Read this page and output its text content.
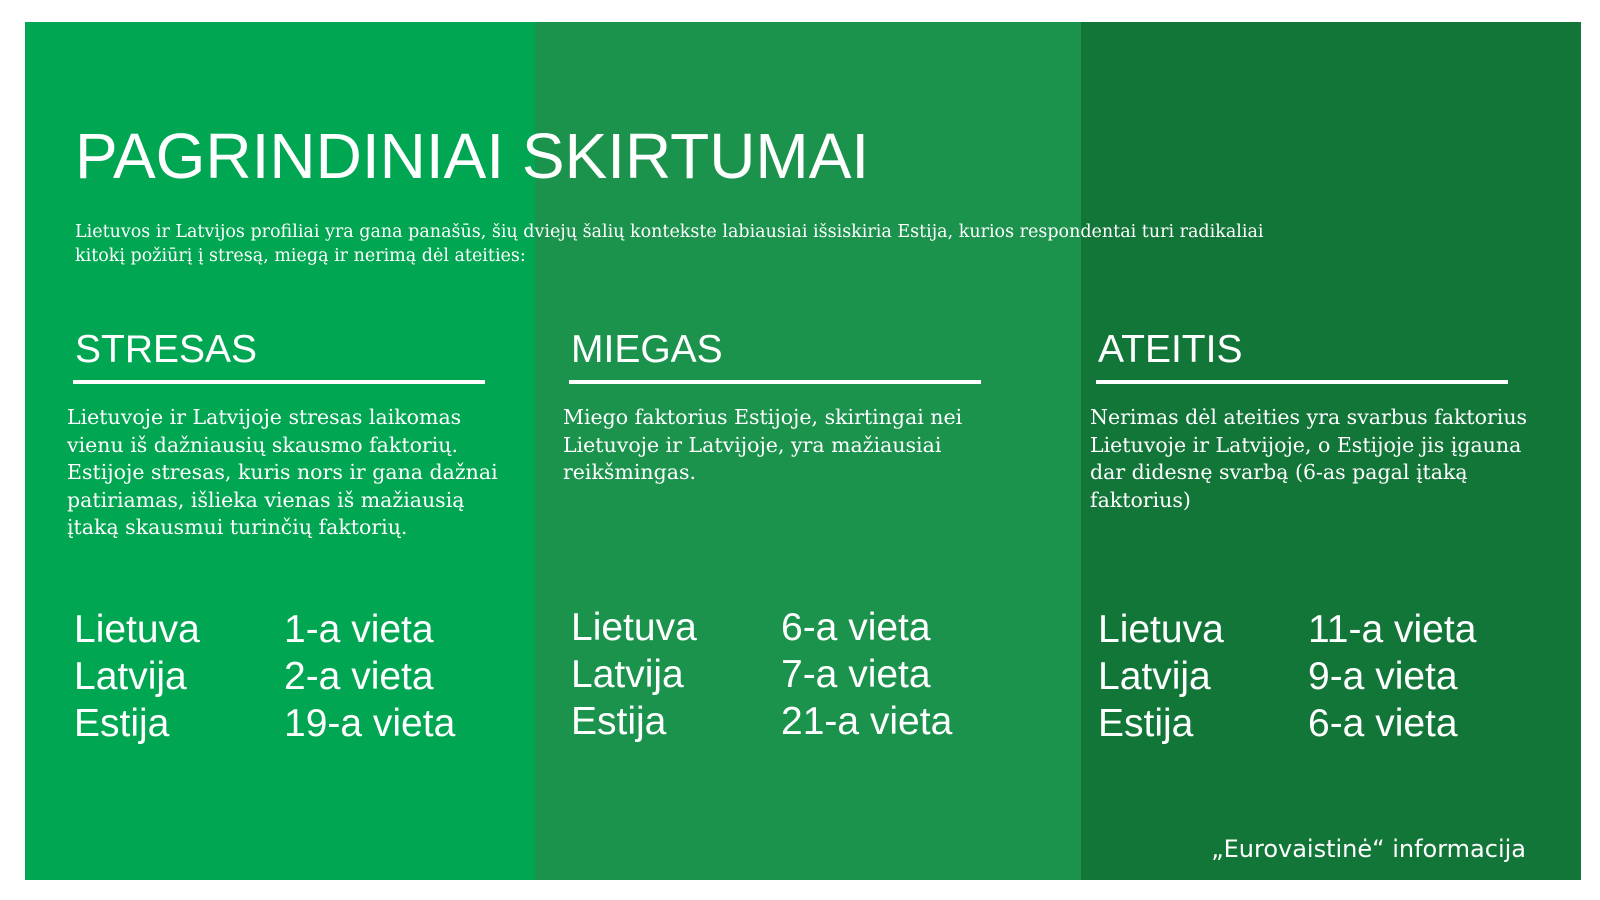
PAGRINDINIAI SKIRTUMAI

Lietuvos ir Latvijos profiliai yra gana panašūs, šių dviejų šalių kontekste labiausiai išsiskiria Estija, kurios respondentai turi radikaliai kitokį požiūrį į stresą, miegą ir nerimą dėl ateities:

STRESAS

Lietuvoje ir Latvijoje stresas laikomas vienu iš dažniausių skausmo faktorių. Estijoje stresas, kuris nors ir gana dažnai patiriamas, išlieka vienas iš mažiausią įtaką skausmui turinčių faktorių.

Lietuva	1-a vieta
Latvija	2-a vieta
Estija	19-a vieta
MIEGAS

Miego faktorius Estijoje, skirtingai nei Lietuvoje ir Latvijoje, yra mažiausiai reikšmingas.

Lietuva	6-a vieta
Latvija	7-a vieta
Estija	21-a vieta
ATEITIS

Nerimas dėl ateities yra svarbus faktorius Lietuvoje ir Latvijoje, o Estijoje jis įgauna dar didesnę svarbą (6-as pagal įtaką faktorius)

Lietuva	11-a vieta
Latvija	9-a vieta
Estija	6-a vieta

„Eurovaistinė“ informacija
